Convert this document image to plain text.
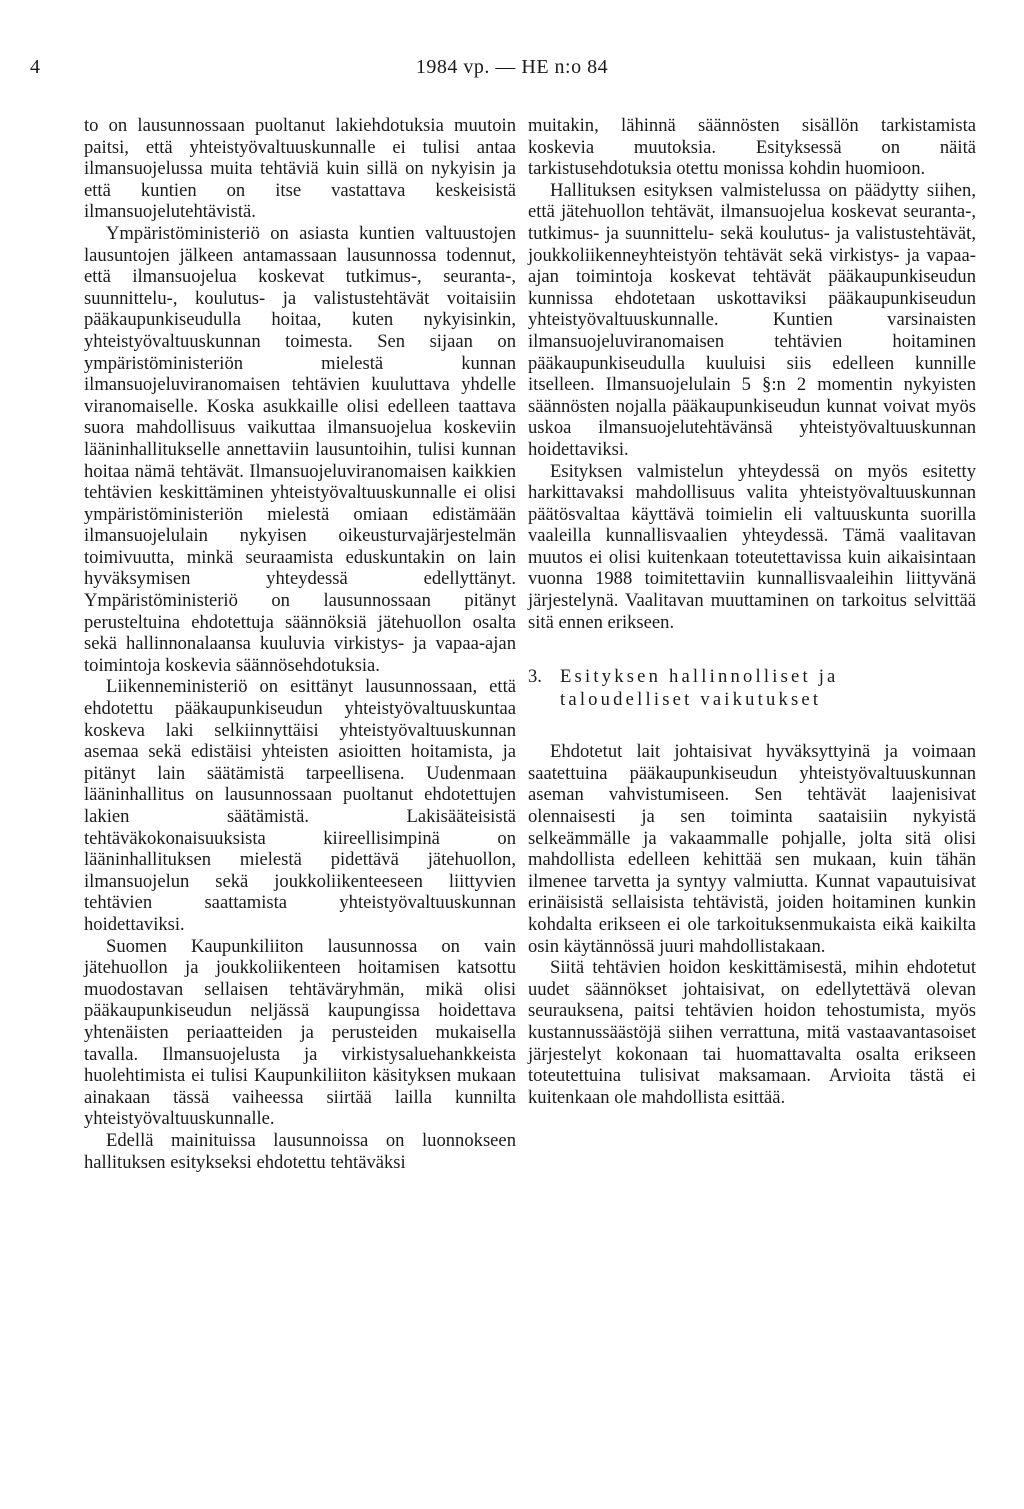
4	1984 vp. — HE n:o 84

to on lausunnossaan puoltanut lakiehdotuksia muutoin paitsi, että yhteistyövaltuuskunnalle ei tulisi antaa ilmansuojelussa muita tehtäviä kuin sillä on nykyisin ja että kuntien on itse vastattava keskeisistä ilmansuojelutehtävistä.

Ympäristöministeriö on asiasta kuntien valtuustojen lausuntojen jälkeen antamassaan lausunnossa todennut, että ilmansuojelua koskevat tutkimus-, seuranta-, suunnittelu-, koulutus- ja valistustehtävät voitaisiin pääkaupunkiseudulla hoitaa, kuten nykyisinkin, yhteistyövaltuuskunnan toimesta. Sen sijaan on ympäristöministeriön mielestä kunnan ilmansuojeluviranomaisen tehtävien kuuluttava yhdelle viranomaiselle. Koska asukkaille olisi edelleen taattava suora mahdollisuus vaikuttaa ilmansuojelua koskeviin lääninhallitukselle annettaviin lausuntoihin, tulisi kunnan hoitaa nämä tehtävät. Ilmansuojeluviranomaisen kaikkien tehtävien keskittäminen yhteistyövaltuuskunnalle ei olisi ympäristöministeriön mielestä omiaan edistämään ilmansuojelulain nykyisen oikeusturvajärjestelmän toimivuutta, minkä seuraamista eduskuntakin on lain hyväksymisen yhteydessä edellyttänyt. Ympäristöministeriö on lausunnossaan pitänyt perusteltuina ehdotettuja säännöksiä jätehuollon osalta sekä hallinnonalaansa kuuluvia virkistys- ja vapaa-ajan toimintoja koskevia säännösehdotuksia.

Liikenneministeriö on esittänyt lausunnossaan, että ehdotettu pääkaupunkiseudun yhteistyövaltuuskuntaa koskeva laki selkiinnyttäisi yhteistyövaltuuskunnan asemaa sekä edistäisi yhteisten asioitten hoitamista, ja pitänyt lain säätämistä tarpeellisena. Uudenmaan lääninhallitus on lausunnossaan puoltanut ehdotettujen lakien säätämistä. Lakisääteisistä tehtäväkokonaisuuksista kiireellisimpinä on lääninhallituksen mielestä pidettävä jätehuollon, ilmansuojelun sekä joukkoliikenteeseen liittyvien tehtävien saattamista yhteistyövaltuuskunnan hoidettaviksi.

Suomen Kaupunkiliiton lausunnossa on vain jätehuollon ja joukkoliikenteen hoitamisen katsottu muodostavan sellaisen tehtäväryhmän, mikä olisi pääkaupunkiseudun neljässä kaupungissa hoidettava yhtenäisten periaatteiden ja perusteiden mukaisella tavalla. Ilmansuojelusta ja virkistysaluehankkeista huolehtimista ei tulisi Kaupunkiliiton käsityksen mukaan ainakaan tässä vaiheessa siirtää lailla kunnilta yhteistyövaltuuskunnalle.

Edellä mainituissa lausunnoissa on luonnokseen hallituksen esitykseksi ehdotettu tehtäväksi

muitakin, lähinnä säännösten sisällön tarkistamista koskevia muutoksia. Esityksessä on näitä tarkistusehdotuksia otettu monissa kohdin huomioon.

Hallituksen esityksen valmistelussa on päädytty siihen, että jätehuollon tehtävät, ilmansuojelua koskevat seuranta-, tutkimus- ja suunnittelu- sekä koulutus- ja valistustehtävät, joukkoliikenneyhteistyön tehtävät sekä virkistys- ja vapaa-ajan toimintoja koskevat tehtävät pääkaupunkiseudun kunnissa ehdotetaan uskottaviksi pääkaupunkiseudun yhteistyövaltuuskunnalle. Kuntien varsinaisten ilmansuojeluviranomaisen tehtävien hoitaminen pääkaupunkiseudulla kuuluisi siis edelleen kunnille itselleen. Ilmansuojelulain 5 §:n 2 momentin nykyisten säännösten nojalla pääkaupunkiseudun kunnat voivat myös uskoa ilmansuojelutehtävänsä yhteistyövaltuuskunnan hoidettaviksi.

Esityksen valmistelun yhteydessä on myös esitetty harkittavaksi mahdollisuus valita yhteistyövaltuuskunnan päätösvaltaa käyttävä toimielin eli valtuuskunta suorilla vaaleilla kunnallisvaalien yhteydessä. Tämä vaalitavan muutos ei olisi kuitenkaan toteutettavissa kuin aikaisintaan vuonna 1988 toimitettaviin kunnallisvaaleihin liittyvänä järjestelynä. Vaalitavan muuttaminen on tarkoitus selvittää sitä ennen erikseen.

3. Esityksen hallinnolliset ja taloudelliset vaikutukset

Ehdotetut lait johtaisivat hyväksyttyinä ja voimaan saatettuina pääkaupunkiseudun yhteistyövaltuuskunnan aseman vahvistumiseen. Sen tehtävät laajenisivat olennaisesti ja sen toiminta saataisiin nykyistä selkeämmälle ja vakaammalle pohjalle, jolta sitä olisi mahdollista edelleen kehittää sen mukaan, kuin tähän ilmenee tarvetta ja syntyy valmiutta. Kunnat vapautuisivat erinäisistä sellaisista tehtävistä, joiden hoitaminen kunkin kohdalta erikseen ei ole tarkoituksenmukaista eikä kaikilta osin käytännössä juuri mahdollistakaan.

Siitä tehtävien hoidon keskittämisestä, mihin ehdotetut uudet säännökset johtaisivat, on edellytettävä olevan seurauksena, paitsi tehtävien hoidon tehostumista, myös kustannussäästöjä siihen verrattuna, mitä vastaavantasoiset järjestelyt kokonaan tai huomattavalta osalta erikseen toteutettuina tulisivat maksamaan. Arvioita tästä ei kuitenkaan ole mahdollista esittää.
